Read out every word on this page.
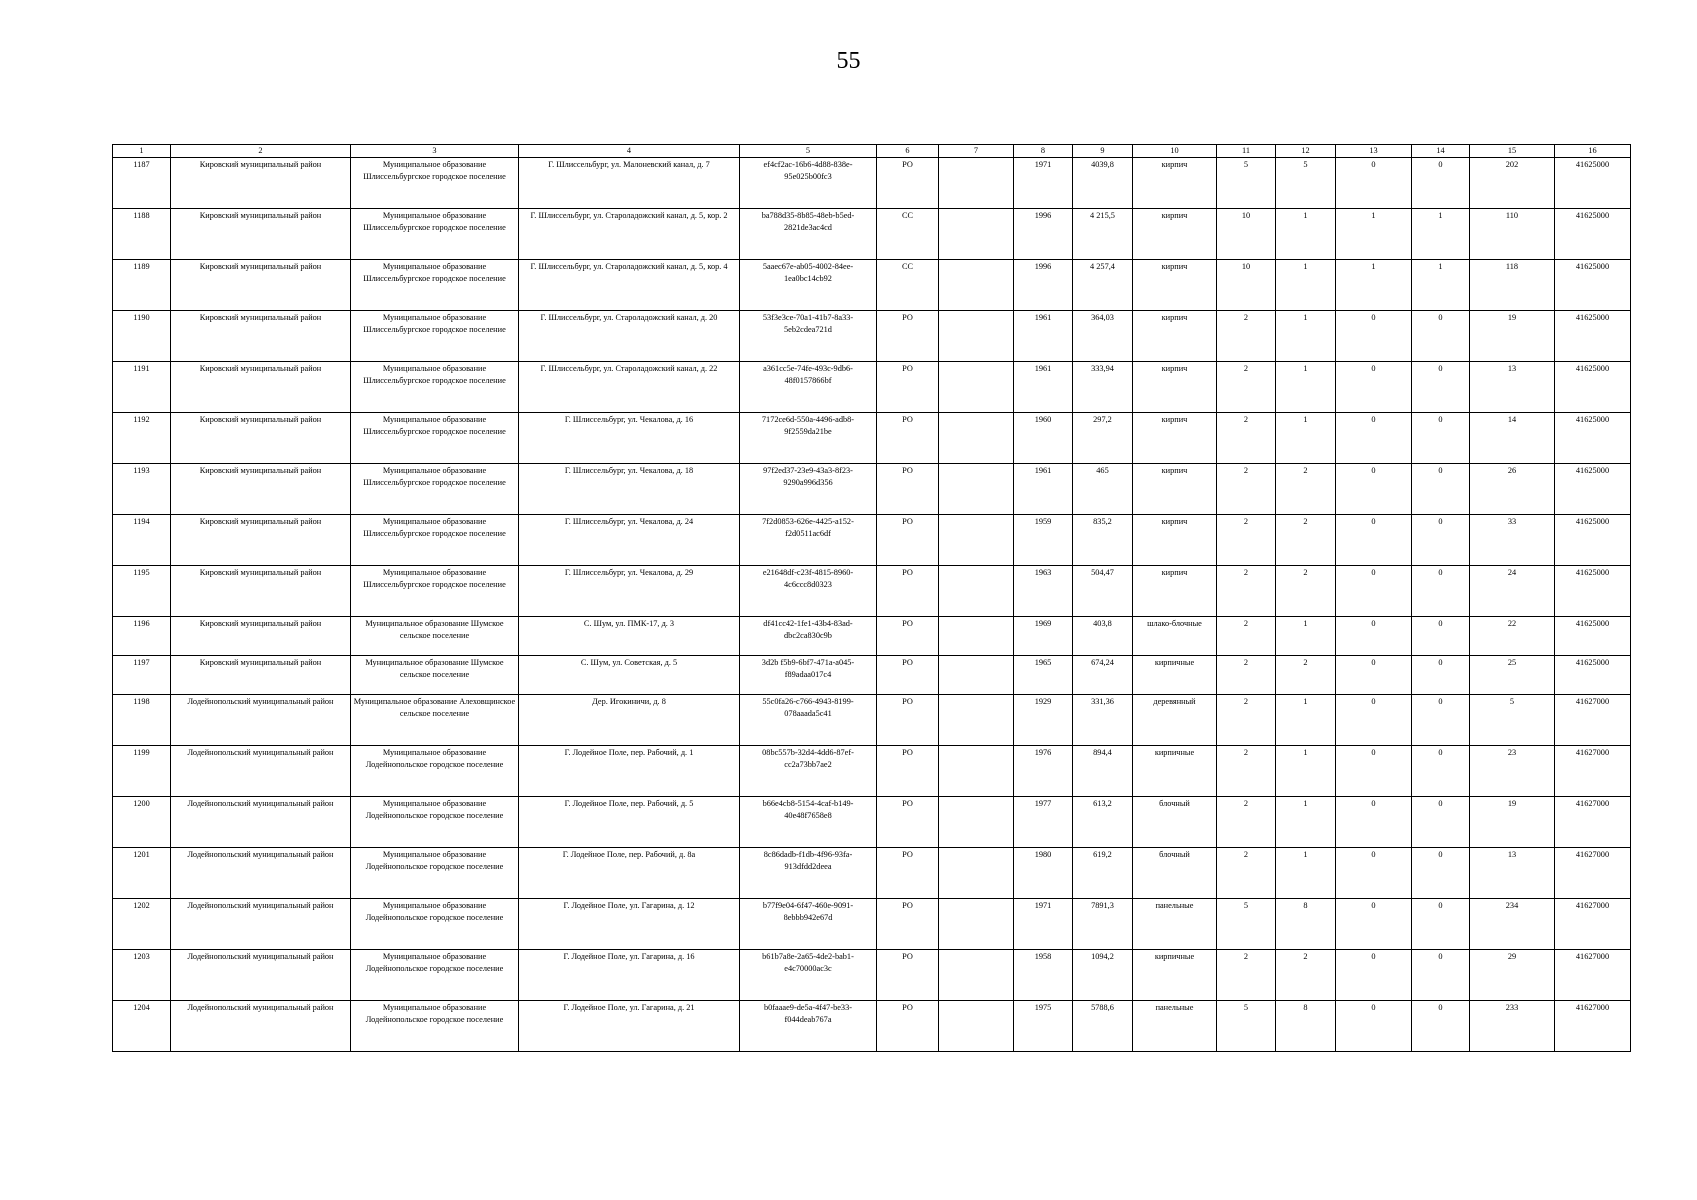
55
1	2	3	4	5	6	7	8	9	10	11	12	13	14	15	16
1187	Кировский муниципальный район	Муниципальное образование Шлиссельбургское городское поселение	Г. Шлиссельбург, ул. Малоневский канал, д. 7	ef4cf2ac-16b6-4d88-838e-95e025b00fc3	РО		1971	4039,8	кирпич	5	5	0	0	202	41625000
1188	Кировский муниципальный район	Муниципальное образование Шлиссельбургское городское поселение	Г. Шлиссельбург, ул. Староладожский канал, д. 5, кор. 2	ba788d35-8b85-48eb-b5ed-2821de3ac4cd	СС		1996	4 215,5	кирпич	10	1	1	1	110	41625000
1189	Кировский муниципальный район	Муниципальное образование Шлиссельбургское городское поселение	Г. Шлиссельбург, ул. Староладожский канал, д. 5, кор. 4	5aaec67e-ab05-4002-84ee-1ea0bc14cb92	СС		1996	4 257,4	кирпич	10	1	1	1	118	41625000
1190	Кировский муниципальный район	Муниципальное образование Шлиссельбургское городское поселение	Г. Шлиссельбург, ул. Староладожский канал, д. 20	53f3e3ce-70a1-41b7-8a33-5eb2cdea721d	РО		1961	364,03	кирпич	2	1	0	0	19	41625000
1191	Кировский муниципальный район	Муниципальное образование Шлиссельбургское городское поселение	Г. Шлиссельбург, ул. Староладожский канал, д. 22	a361cc5e-74fe-493c-9db6-48f0157866bf	РО		1961	333,94	кирпич	2	1	0	0	13	41625000
1192	Кировский муниципальный район	Муниципальное образование Шлиссельбургское городское поселение	Г. Шлиссельбург, ул. Чекалова, д. 16	7172ce6d-550a-4496-adb8-9f2559da21be	РО		1960	297,2	кирпич	2	1	0	0	14	41625000
1193	Кировский муниципальный район	Муниципальное образование Шлиссельбургское городское поселение	Г. Шлиссельбург, ул. Чекалова, д. 18	97f2ed37-23e9-43a3-8f23-9290a996d356	РО		1961	465	кирпич	2	2	0	0	26	41625000
1194	Кировский муниципальный район	Муниципальное образование Шлиссельбургское городское поселение	Г. Шлиссельбург, ул. Чекалова, д. 24	7f2d0853-626e-4425-a152-f2d0511ac6df	РО		1959	835,2	кирпич	2	2	0	0	33	41625000
1195	Кировский муниципальный район	Муниципальное образование Шлиссельбургское городское поселение	Г. Шлиссельбург, ул. Чекалова, д. 29	e21648df-c23f-4815-8960-4c6ccc8d0323	РО		1963	504,47	кирпич	2	2	0	0	24	41625000
1196	Кировский муниципальный район	Муниципальное образование Шумское сельское поселение	С. Шум, ул. ПМК-17, д. 3	df41cc42-1fe1-43b4-83ad-dbc2ca830c9b	РО		1969	403,8	шлако-блочные	2	1	0	0	22	41625000
1197	Кировский муниципальный район	Муниципальное образование Шумское сельское поселение	С. Шум, ул. Советская, д. 5	3d2b f5b9-6bf7-471a-a045-f89adaa017c4	РО		1965	674,24	кирпичные	2	2	0	0	25	41625000
1198	Лодейнопольский муниципальный район	Муниципальное образование Алеховщинское сельское поселение	Дер. Игокиничи, д. 8	55c0fa26-c766-4943-8199-078aaada5c41	РО		1929	331,36	деревянный	2	1	0	0	5	41627000
1199	Лодейнопольский муниципальный район	Муниципальное образование Лодейнопольское городское поселение	Г. Лодейное Поле, пер. Рабочий, д. 1	08bc557b-32d4-4dd6-87ef-cc2a73bb7ae2	РО		1976	894,4	кирпичные	2	1	0	0	23	41627000
1200	Лодейнопольский муниципальный район	Муниципальное образование Лодейнопольское городское поселение	Г. Лодейное Поле, пер. Рабочий, д. 5	b66e4cb8-5154-4caf-b149-40e48f7658e8	РО		1977	613,2	блочный	2	1	0	0	19	41627000
1201	Лодейнопольский муниципальный район	Муниципальное образование Лодейнопольское городское поселение	Г. Лодейное Поле, пер. Рабочий, д. 8а	8c86dadb-f1db-4f96-93fa-913dfdd2deea	РО		1980	619,2	блочный	2	1	0	0	13	41627000
1202	Лодейнопольский муниципальный район	Муниципальное образование Лодейнопольское городское поселение	Г. Лодейное Поле, ул. Гагарина, д. 12	b77f9e04-6f47-460e-9091-8ebbb942e67d	РО		1971	7891,3	панельные	5	8	0	0	234	41627000
1203	Лодейнопольский муниципальный район	Муниципальное образование Лодейнопольское городское поселение	Г. Лодейное Поле, ул. Гагарина, д. 16	b61b7a8e-2a65-4de2-bab1-e4c70000ac3c	РО		1958	1094,2	кирпичные	2	2	0	0	29	41627000
1204	Лодейнопольский муниципальный район	Муниципальное образование Лодейнопольское городское поселение	Г. Лодейное Поле, ул. Гагарина, д. 21	b0faaae9-de5a-4f47-be33-f044deab767a	РО		1975	5788,6	панельные	5	8	0	0	233	41627000
